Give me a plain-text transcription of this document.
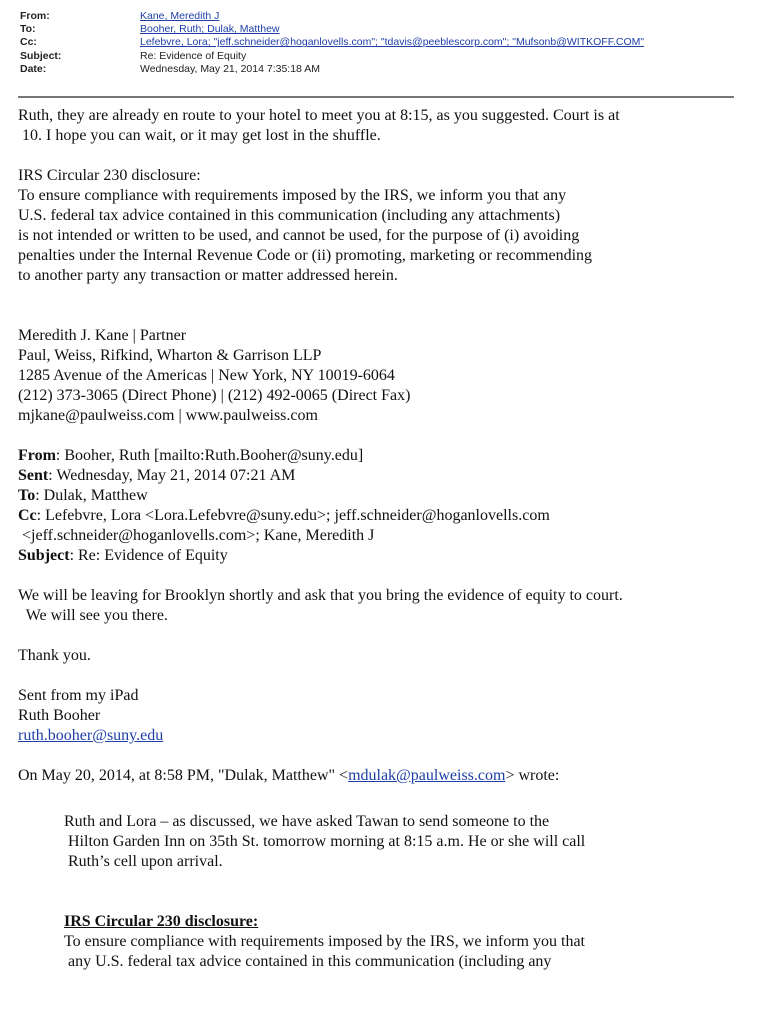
From:	Kane, Meredith J
To:	Booher, Ruth; Dulak, Matthew
Cc:	Lefebvre, Lora; "jeff.schneider@hoganlovells.com"; "tdavis@peeblescorp.com"; "Mufsonb@WITKOFF.COM"
Subject:	Re: Evidence of Equity
Date:	Wednesday, May 21, 2014 7:35:18 AM

Ruth, they are already en route to your hotel to meet you at 8:15, as you suggested. Court is at

10. I hope you can wait, or it may get lost in the shuffle.

IRS Circular 230 disclosure:

To ensure compliance with requirements imposed by the IRS, we inform you that any

U.S. federal tax advice contained in this communication (including any attachments)

is not intended or written to be used, and cannot be used, for the purpose of (i) avoiding

penalties under the Internal Revenue Code or (ii) promoting, marketing or recommending

to another party any transaction or matter addressed herein.

Meredith J. Kane | Partner

Paul, Weiss, Rifkind, Wharton & Garrison LLP

1285 Avenue of the Americas | New York, NY 10019-6064

(212) 373-3065 (Direct Phone) | (212) 492-0065 (Direct Fax)

mjkane@paulweiss.com | www.paulweiss.com

From: Booher, Ruth [mailto:Ruth.Booher@suny.edu]

Sent: Wednesday, May 21, 2014 07:21 AM

To: Dulak, Matthew

Cc: Lefebvre, Lora <Lora.Lefebvre@suny.edu>; jeff.schneider@hoganlovells.com

<jeff.schneider@hoganlovells.com>; Kane, Meredith J

Subject: Re: Evidence of Equity

We will be leaving for Brooklyn shortly and ask that you bring the evidence of equity to court.

We will see you there.

Thank you.

Sent from my iPad

Ruth Booher

ruth.booher@suny.edu

On May 20, 2014, at 8:58 PM, "Dulak, Matthew" <mdulak@paulweiss.com> wrote:

Ruth and Lora – as discussed, we have asked Tawan to send someone to the

Hilton Garden Inn on 35th St. tomorrow morning at 8:15 a.m. He or she will call

Ruth’s cell upon arrival.

IRS Circular 230 disclosure:

To ensure compliance with requirements imposed by the IRS, we inform you that

any U.S. federal tax advice contained in this communication (including any
